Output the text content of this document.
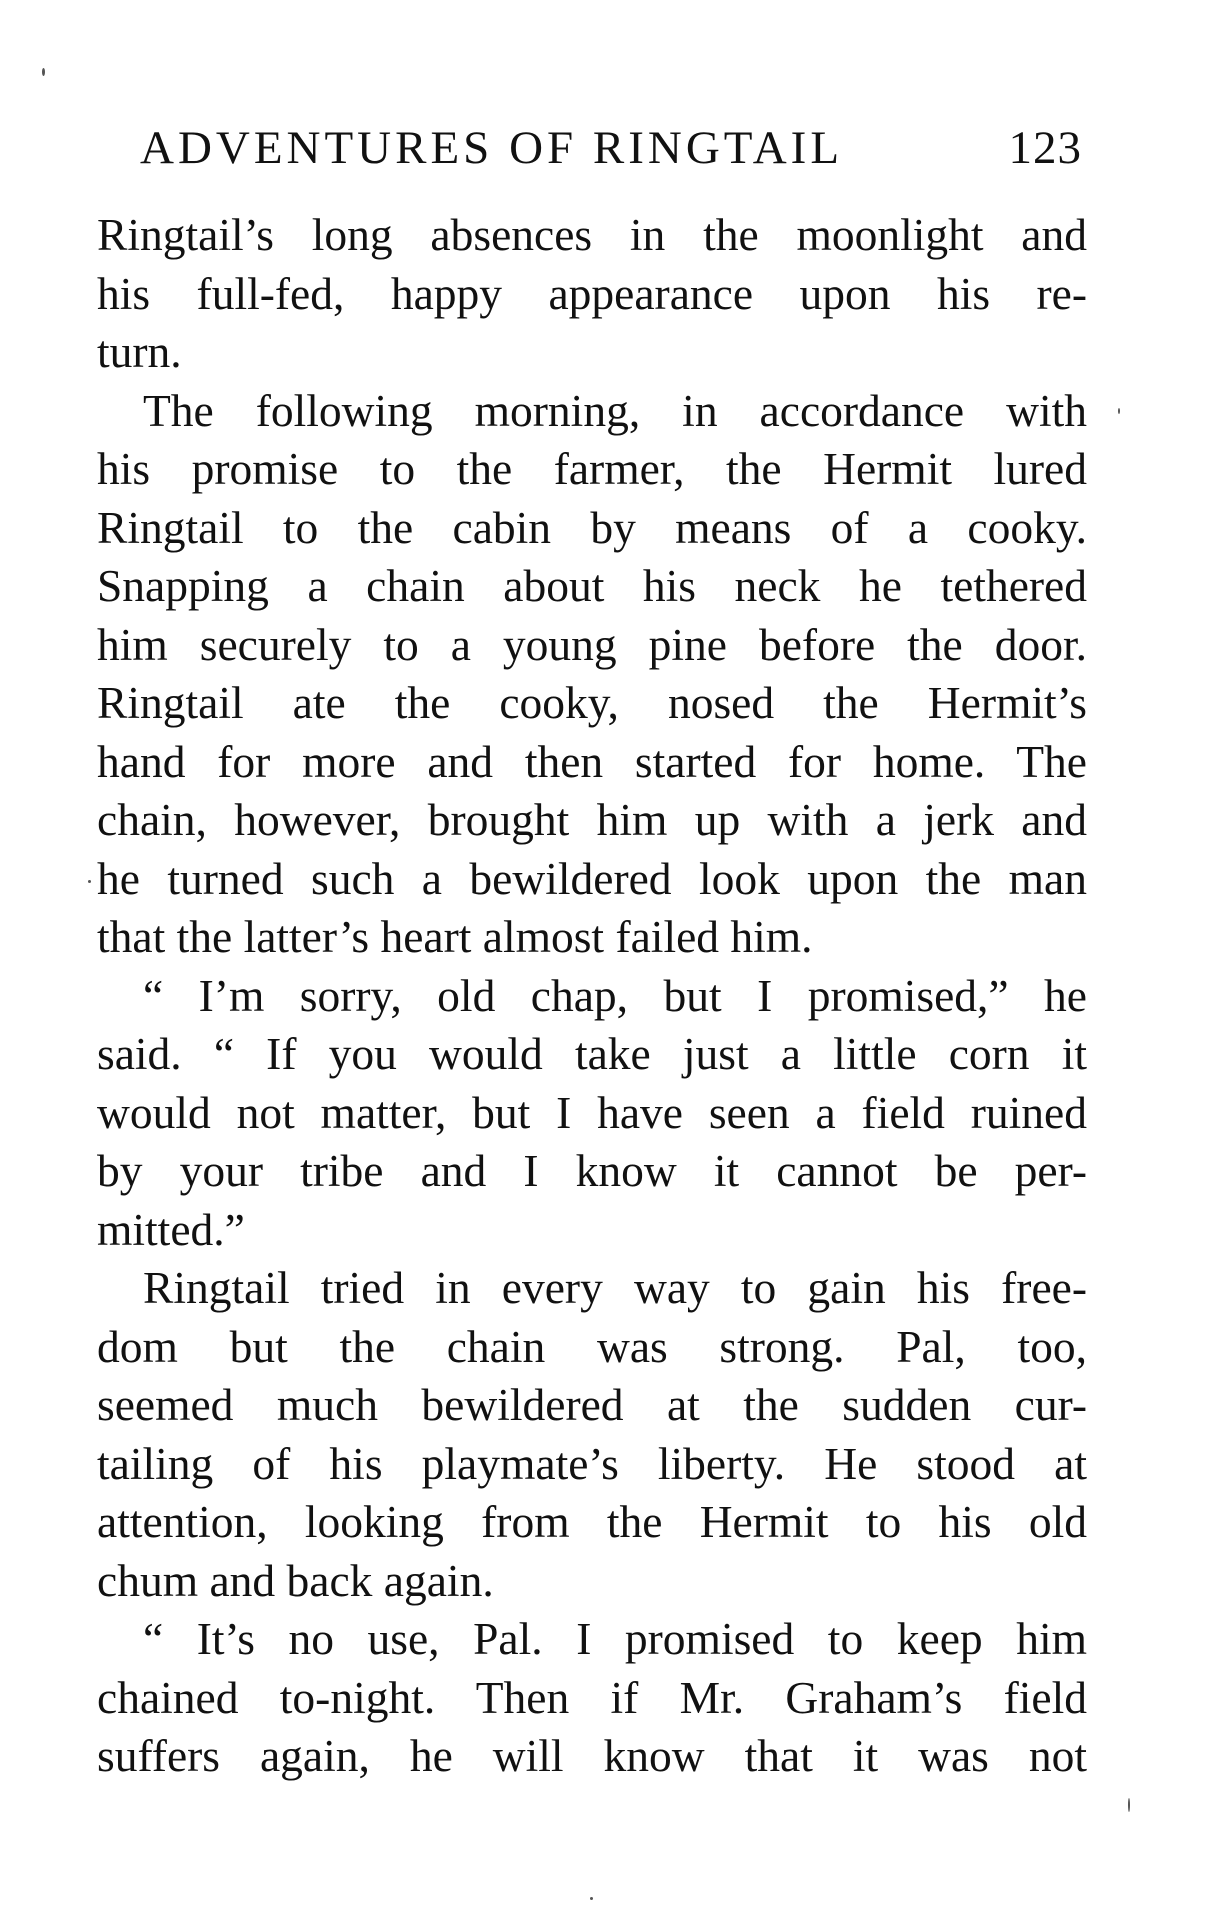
ADVENTURES OF RINGTAIL	123
Ringtail’s long absences in the moonlight and
his full-fed, happy appearance upon his re-
turn.
The following morning, in accordance with
his promise to the farmer, the Hermit lured
Ringtail to the cabin by means of a cooky.
Snapping a chain about his neck he tethered
him securely to a young pine before the door.
Ringtail ate the cooky, nosed the Hermit’s
hand for more and then started for home. The
chain, however, brought him up with a jerk and
he turned such a bewildered look upon the man
that the latter’s heart almost failed him.
“ I’m sorry, old chap, but I promised,” he
said. “ If you would take just a little corn it
would not matter, but I have seen a field ruined
by your tribe and I know it cannot be per-
mitted.”
Ringtail tried in every way to gain his free-
dom but the chain was strong. Pal, too,
seemed much bewildered at the sudden cur-
tailing of his playmate’s liberty. He stood at
attention, looking from the Hermit to his old
chum and back again.
“ It’s no use, Pal. I promised to keep him
chained to-night. Then if Mr. Graham’s field
suffers again, he will know that it was not
